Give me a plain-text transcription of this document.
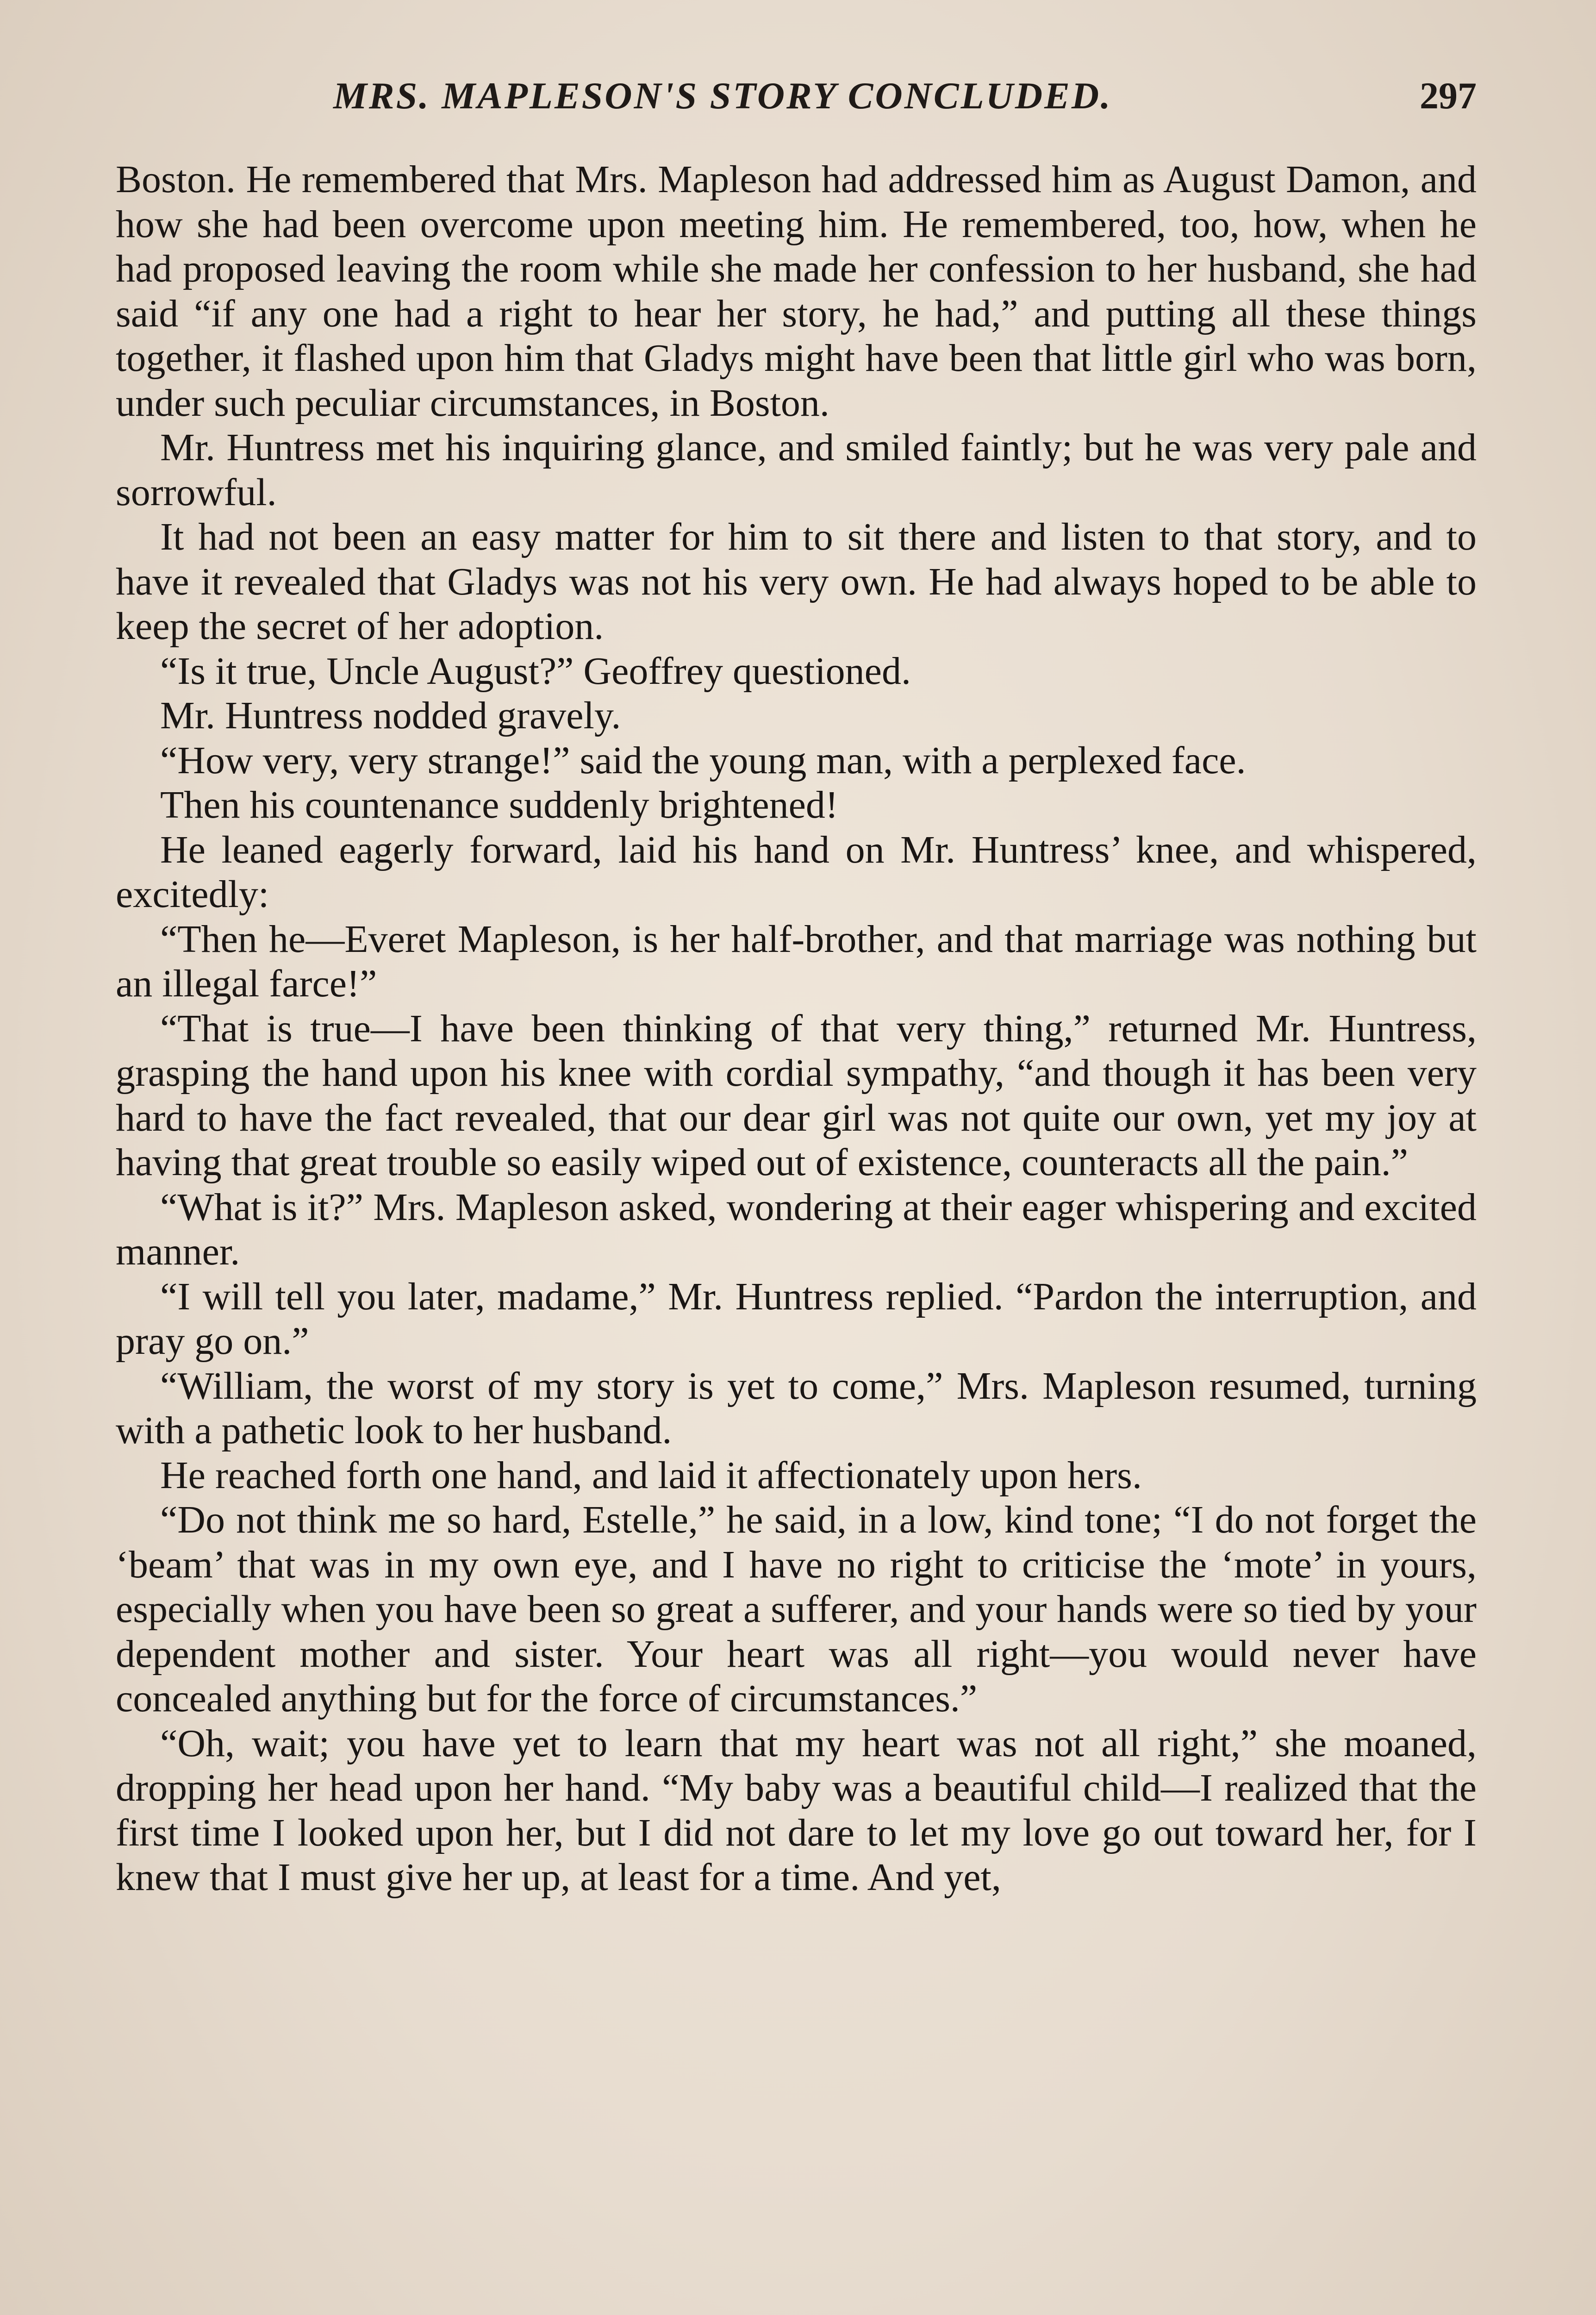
MRS. MAPLESON'S STORY CONCLUDED.	297

Boston. He remembered that Mrs. Mapleson had addressed him as August Damon, and how she had been overcome upon meeting him. He remembered, too, how, when he had proposed leaving the room while she made her confession to her husband, she had said “if any one had a right to hear her story, he had,” and putting all these things together, it flashed upon him that Gladys might have been that little girl who was born, under such peculiar circumstances, in Boston.

Mr. Huntress met his inquiring glance, and smiled faintly; but he was very pale and sorrowful.

It had not been an easy matter for him to sit there and listen to that story, and to have it revealed that Gladys was not his very own. He had always hoped to be able to keep the secret of her adoption.

“Is it true, Uncle August?” Geoffrey questioned.

Mr. Huntress nodded gravely.

“How very, very strange!” said the young man, with a perplexed face.

Then his countenance suddenly brightened!

He leaned eagerly forward, laid his hand on Mr. Huntress’ knee, and whispered, excitedly:

“Then he—Everet Mapleson, is her half-brother, and that marriage was nothing but an illegal farce!”

“That is true—I have been thinking of that very thing,” returned Mr. Huntress, grasping the hand upon his knee with cordial sympathy, “and though it has been very hard to have the fact revealed, that our dear girl was not quite our own, yet my joy at having that great trouble so easily wiped out of existence, counteracts all the pain.”

“What is it?” Mrs. Mapleson asked, wondering at their eager whispering and excited manner.

“I will tell you later, madame,” Mr. Huntress replied. “Pardon the interruption, and pray go on.”

“William, the worst of my story is yet to come,” Mrs. Mapleson resumed, turning with a pathetic look to her husband.

He reached forth one hand, and laid it affectionately upon hers.

“Do not think me so hard, Estelle,” he said, in a low, kind tone; “I do not forget the ‘beam’ that was in my own eye, and I have no right to criticise the ‘mote’ in yours, especially when you have been so great a sufferer, and your hands were so tied by your dependent mother and sister. Your heart was all right—you would never have concealed anything but for the force of circumstances.”

“Oh, wait; you have yet to learn that my heart was not all right,” she moaned, dropping her head upon her hand. “My baby was a beautiful child—I realized that the first time I looked upon her, but I did not dare to let my love go out toward her, for I knew that I must give her up, at least for a time. And yet,
